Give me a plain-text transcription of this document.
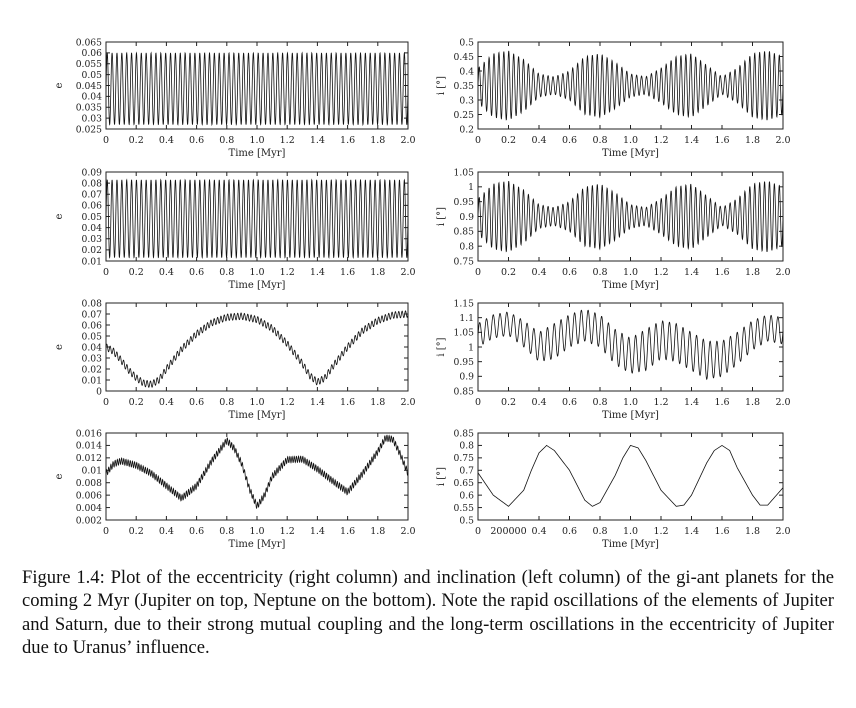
0 0.2 0.4 0.6 0.8 1.0 1.2 1.4 1.6 1.8 2.0
0.025
0.03
0.035
0.04
0.045
0.05
0.055
0.06
0.065
Time [Myr]
e
0 0.2 0.4 0.6 0.8 1.0 1.2 1.4 1.6 1.8 2.0
0.2
0.25
0.3
0.35
0.4
0.45
0.5
Time [Myr]
i [°]
0 0.2 0.4 0.6 0.8 1.0 1.2 1.4 1.6 1.8 2.0
0.01
0.02
0.03
0.04
0.05
0.06
0.07
0.08
0.09
Time [Myr]
e
0 0.2 0.4 0.6 0.8 1.0 1.2 1.4 1.6 1.8 2.0
0.75
0.8
0.85
0.9
0.95
1
1.05
Time [Myr]
i [°]
0 0.2 0.4 0.6 0.8 1.0 1.2 1.4 1.6 1.8 2.0
0
0.01
0.02
0.03
0.04
0.05
0.06
0.07
0.08
Time [Myr]
e
0 0.2 0.4 0.6 0.8 1.0 1.2 1.4 1.6 1.8 2.0
0.85
0.9
0.95
1
1.05
1.1
1.15
Time [Myr]
i [°]
0 0.2 0.4 0.6 0.8 1.0 1.2 1.4 1.6 1.8 2.0
0.002
0.004
0.006
0.008
0.01
0.012
0.014
0.016
Time [Myr]
e
0 200000 0.4 0.6 0.8 1.0 1.2 1.4 1.6 1.8 2.0
0.5
0.55
0.6
0.65
0.7
0.75
0.8
0.85
Time [Myr]
i [°]
Figure 1.4: Plot of the eccentricity (right column) and inclination (left column) of the gi-ant planets for the coming 2 Myr (Jupiter on top, Neptune on the bottom). Note the rapid oscillations of the elements of Jupiter and Saturn, due to their strong mutual coupling and the long-term oscillations in the eccentricity of Jupiter due to Uranus’ influence.
